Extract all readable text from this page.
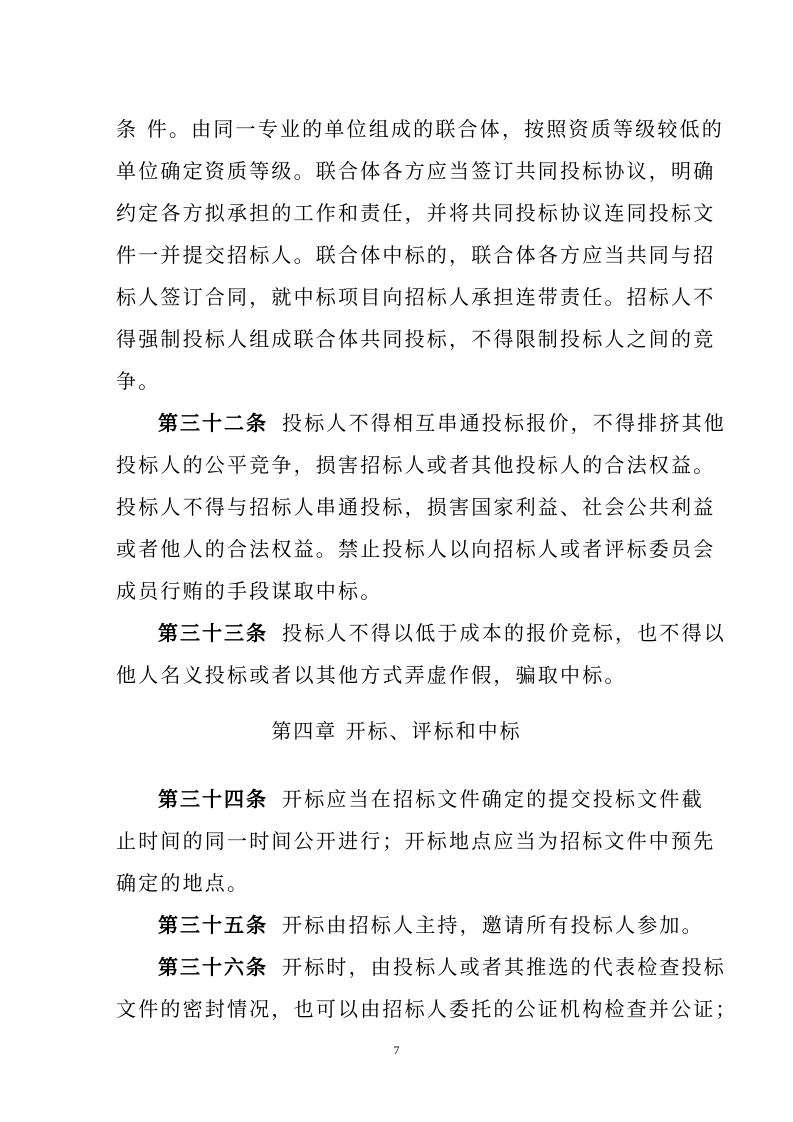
条 件。由同一专业的单位组成的联合体，按照资质等级较低的
单位确定资质等级。联合体各方应当签订共同投标协议，明确
约定各方拟承担的工作和责任，并将共同投标协议连同投标文
件一并提交招标人。联合体中标的，联合体各方应当共同与招
标人签订合同，就中标项目向招标人承担连带责任。招标人不
得强制投标人组成联合体共同投标，不得限制投标人之间的竞
争。
第三十二条 投标人不得相互串通投标报价，不得排挤其他
投标人的公平竞争，损害招标人或者其他投标人的合法权益。
投标人不得与招标人串通投标，损害国家利益、社会公共利益
或者他人的合法权益。禁止投标人以向招标人或者评标委员会
成员行贿的手段谋取中标。
第三十三条 投标人不得以低于成本的报价竞标，也不得以
他人名义投标或者以其他方式弄虚作假，骗取中标。
第四章 开标、评标和中标
第三十四条 开标应当在招标文件确定的提交投标文件截
止时间的同一时间公开进行；开标地点应当为招标文件中预先
确定的地点。
第三十五条 开标由招标人主持，邀请所有投标人参加。
第三十六条 开标时，由投标人或者其推选的代表检查投标
文件的密封情况，也可以由招标人委托的公证机构检查并公证；
7
